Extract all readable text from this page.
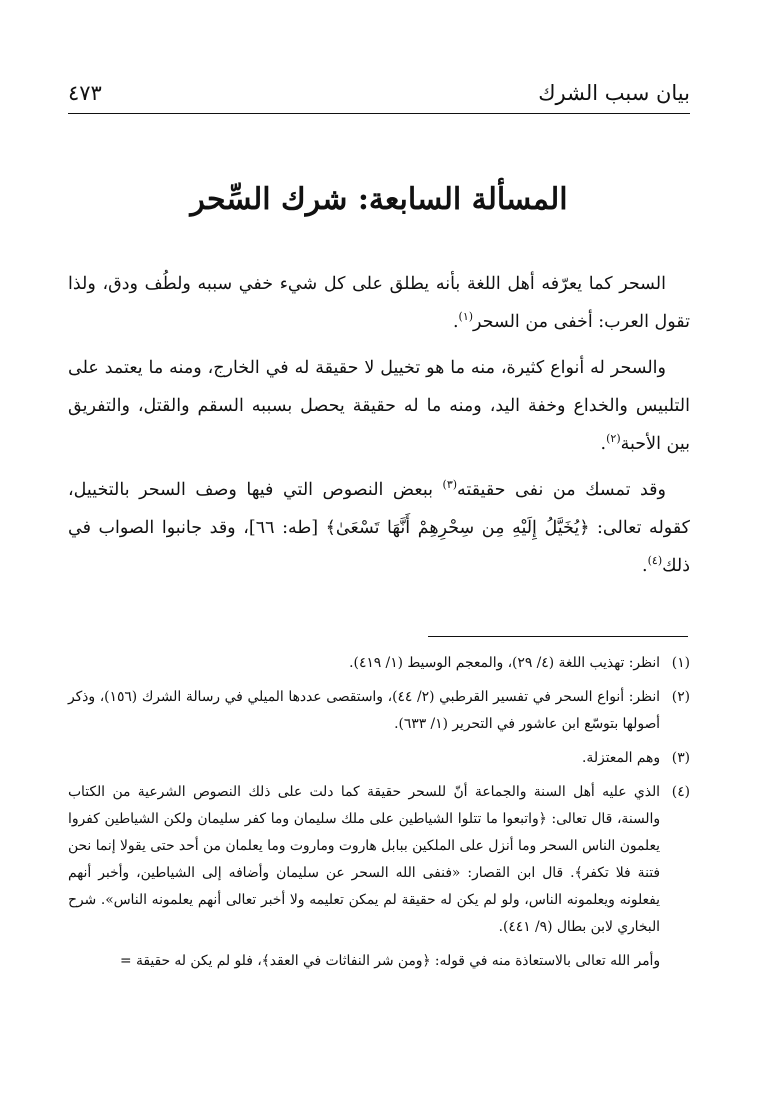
بيان سبب الشرك
٤٧٣
المسألة السابعة: شرك السِّحر

السحر كما يعرّفه أهل اللغة بأنه يطلق على كل شيء خفي سببه ولطُف ودق، ولذا تقول العرب: أخفى من السحر$^{(١)}$.

والسحر له أنواع كثيرة، منه ما هو تخييل لا حقيقة له في الخارج، ومنه ما يعتمد على التلبيس والخداع وخفة اليد، ومنه ما له حقيقة يحصل بسببه السقم والقتل، والتفريق بين الأحبة$^{(٢)}$.

وقد تمسك من نفى حقيقته$^{(٣)}$ ببعض النصوص التي فيها وصف السحر بالتخييل، كقوله تعالى: ﴿يُخَيَّلُ إِلَيْهِ مِن سِحْرِهِمْ أَنَّهَا تَسْعَىٰ﴾ [طه: ٦٦]، وقد جانبوا الصواب في ذلك$^{(٤)}$.

(١)
انظر: تهذيب اللغة (٤/ ٢٩)، والمعجم الوسيط (١/ ٤١٩).
(٢)
انظر: أنواع السحر في تفسير القرطبي (٢/ ٤٤)، واستقصى عددها الميلي في رسالة الشرك (١٥٦)، وذكر أصولها بتوسّع ابن عاشور في التحرير (١/ ٦٣٣).
(٣)
وهم المعتزلة.
(٤)
الذي عليه أهل السنة والجماعة أنّ للسحر حقيقة كما دلت على ذلك النصوص الشرعية من الكتاب والسنة، قال تعالى: ﴿واتبعوا ما تتلوا الشياطين على ملك سليمان وما كفر سليمان ولكن الشياطين كفروا يعلمون الناس السحر وما أنزل على الملكين ببابل هاروت وماروت وما يعلمان من أحد حتى يقولا إنما نحن فتنة فلا تكفر﴾. قال ابن القصار: «فنفى الله السحر عن سليمان وأضافه إلى الشياطين، وأخبر أنهم يفعلونه ويعلمونه الناس، ولو لم يكن له حقيقة لم يمكن تعليمه ولا أخبر تعالى أنهم يعلمونه الناس». شرح البخاري لابن بطال (٩/ ٤٤١).
وأمر الله تعالى بالاستعاذة منه في قوله: ﴿ومن شر النفاثات في العقد﴾، فلو لم يكن له حقيقة =
